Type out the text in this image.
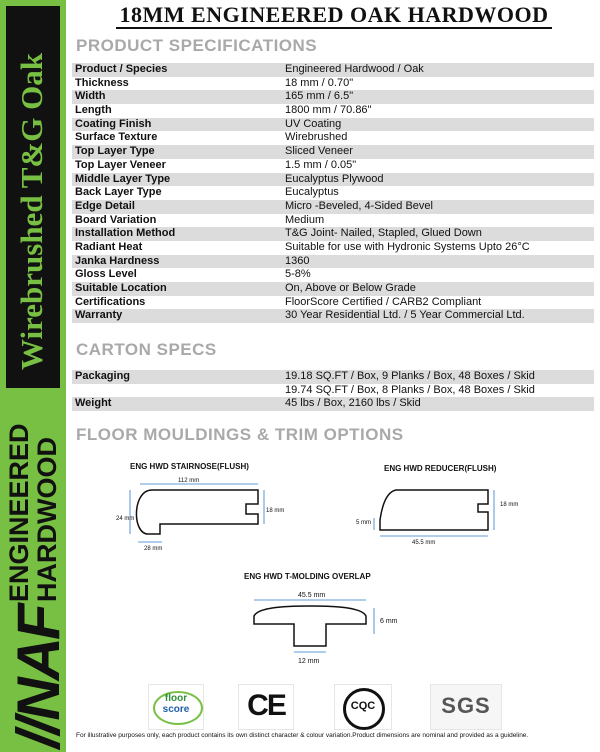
Wirebrushed T&G Oak
ENGINEERED
HARDWOOD
//NAF
18MM ENGINEERED OAK HARDWOOD
PRODUCT SPECIFICATIONS
Product / Species	Engineered Hardwood / Oak
Thickness	18 mm / 0.70"
Width	165 mm / 6.5"
Length	1800 mm / 70.86"
Coating Finish	UV Coating
Surface Texture	Wirebrushed
Top Layer Type	Sliced Veneer
Top Layer Veneer	1.5 mm / 0.05"
Middle Layer Type	Eucalyptus Plywood
Back Layer Type	Eucalyptus
Edge Detail	Micro -Beveled, 4-Sided Bevel
Board Variation	Medium
Installation Method	T&G Joint- Nailed, Stapled, Glued Down
Radiant Heat	Suitable for use with Hydronic Systems Upto 26°C
Janka Hardness	1360
Gloss Level	5-8%
Suitable Location	On, Above or Below Grade
Certifications	FloorScore Certified / CARB2 Compliant
Warranty	30 Year Residential Ltd. / 5 Year Commercial Ltd.
CARTON SPECS
Packaging	19.18 SQ.FT / Box, 9 Planks / Box, 48 Boxes / Skid
19.74 SQ.FT / Box, 8 Planks / Box, 48 Boxes / Skid
Weight	45 lbs / Box, 2160 lbs / Skid
FLOOR MOULDINGS & TRIM OPTIONS
ENG HWD STAIRNOSE(FLUSH)
112 mm
24 mm
18 mm
28 mm
ENG HWD REDUCER(FLUSH)
18 mm
5 mm
45.5 mm
ENG HWD T-MOLDING OVERLAP
45.5 mm
6 mm
12 mm
floor
score	CE	CQC	SGS
For illustrative purposes only, each product contains its own distinct character & colour variation.Product dimensions are nominal and provided as a guideline.
